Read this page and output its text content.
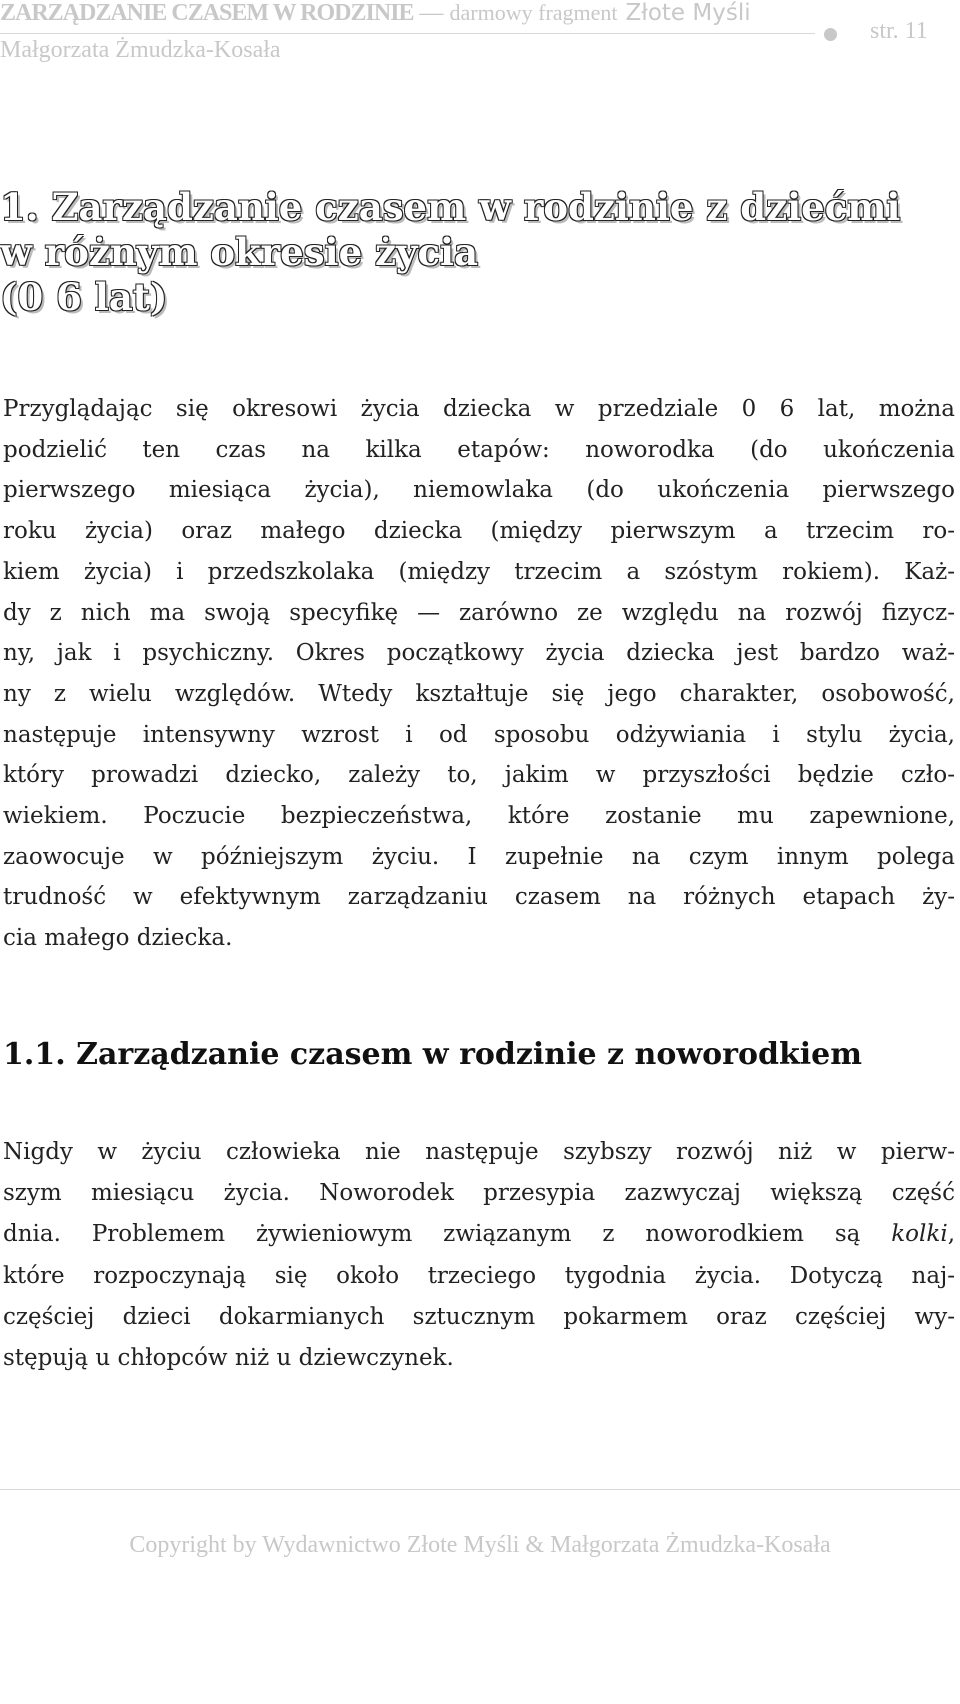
ZARZĄDZANIE CZASEM W RODZINIE — darmowy fragment Złote Myśli
Małgorzata Żmudzka-Kosała
str. 11
1. Zarządzanie czasem w rodzinie z dziećmi
w różnym okresie życia
(0 6 lat)

Przyglądając się okresowi życia dziecka w przedziale 0 6 lat, można
podzielić ten czas na kilka etapów: noworodka (do ukończenia
pierwszego miesiąca życia), niemowlaka (do ukończenia pierwszego
roku życia) oraz małego dziecka (między pierwszym a trzecim ro-
kiem życia) i przedszkolaka (między trzecim a szóstym rokiem). Każ-
dy z nich ma swoją specyfikę — zarówno ze względu na rozwój fizycz-
ny, jak i psychiczny. Okres początkowy życia dziecka jest bardzo waż-
ny z wielu względów. Wtedy kształtuje się jego charakter, osobowość,
następuje intensywny wzrost i od sposobu odżywiania i stylu życia,
który prowadzi dziecko, zależy to, jakim w przyszłości będzie czło-
wiekiem. Poczucie bezpieczeństwa, które zostanie mu zapewnione,
zaowocuje w późniejszym życiu. I zupełnie na czym innym polega
trudność w efektywnym zarządzaniu czasem na różnych etapach ży-
cia małego dziecka.

1.1. Zarządzanie czasem w rodzinie z noworodkiem

Nigdy w życiu człowieka nie następuje szybszy rozwój niż w pierw-
szym miesiącu życia. Noworodek przesypia zazwyczaj większą część
dnia. Problemem żywieniowym związanym z noworodkiem są kolki,
które rozpoczynają się około trzeciego tygodnia życia. Dotyczą naj-
częściej dzieci dokarmianych sztucznym pokarmem oraz częściej wy-
stępują u chłopców niż u dziewczynek.

Copyright by Wydawnictwo Złote Myśli & Małgorzata Żmudzka-Kosała
